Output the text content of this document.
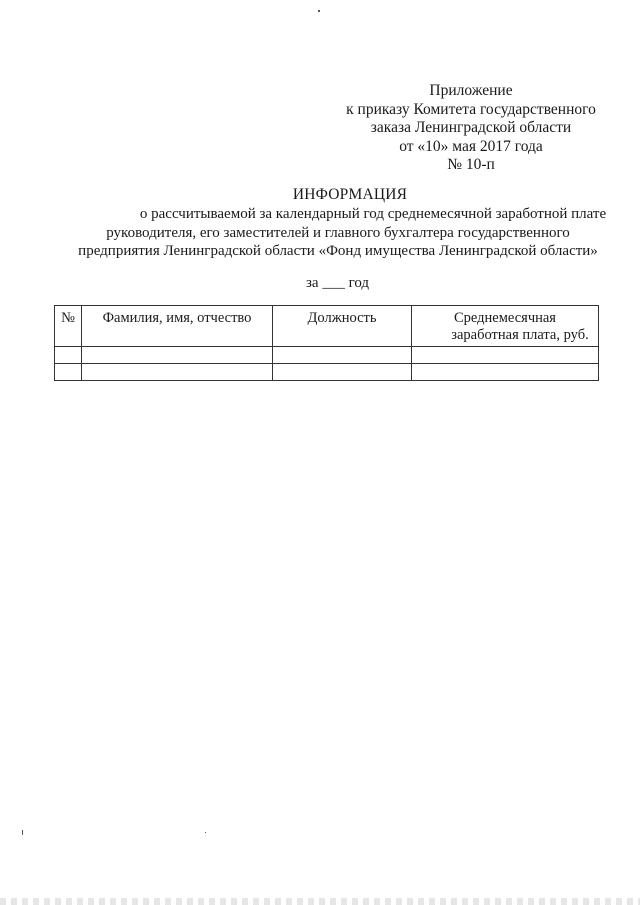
Приложение
к приказу Комитета государственного
заказа Ленинградской области
от «10» мая 2017 года
№ 10-п
ИНФОРМАЦИЯ
о рассчитываемой за календарный год среднемесячной заработной плате
руководителя, его заместителей и главного бухгалтера государственного
предприятия Ленинградской области «Фонд имущества Ленинградской области»
за ___ год
№	Фамилия, имя, отчество	Должность	Среднемесячная
заработная плата, руб.
